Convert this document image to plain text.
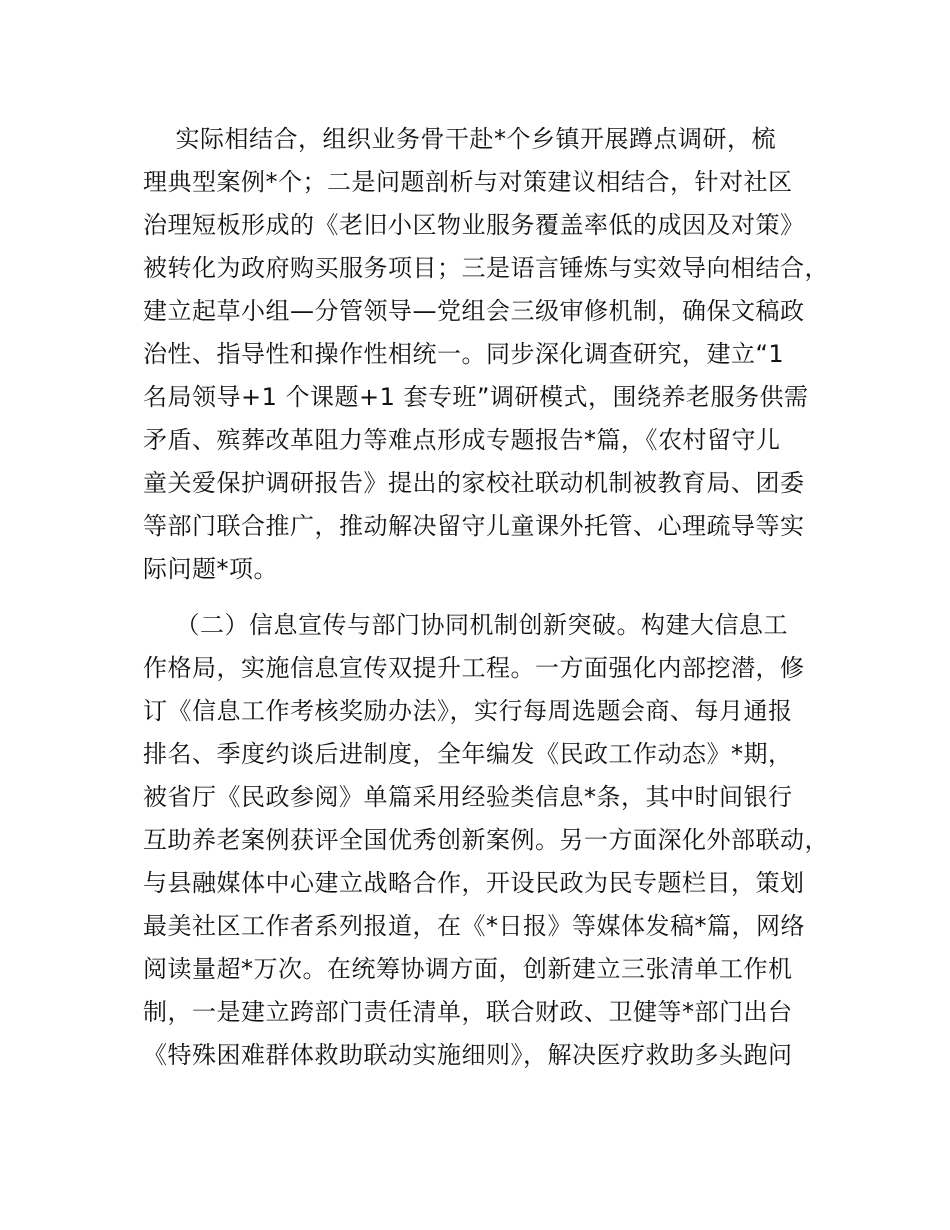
实际相结合，组织业务骨干赴*个乡镇开展蹲点调研，梳
理典型案例*个；二是问题剖析与对策建议相结合，针对社区
治理短板形成的《老旧小区物业服务覆盖率低的成因及对策》
被转化为政府购买服务项目；三是语言锤炼与实效导向相结合，
建立起草小组—分管领导—党组会三级审修机制，确保文稿政
治性、指导性和操作性相统一。同步深化调查研究，建立“1
名局领导+1 个课题+1 套专班”调研模式，围绕养老服务供需
矛盾、殡葬改革阻力等难点形成专题报告*篇，《农村留守儿
童关爱保护调研报告》提出的家校社联动机制被教育局、团委
等部门联合推广，推动解决留守儿童课外托管、心理疏导等实
际问题*项。
（二）信息宣传与部门协同机制创新突破。构建大信息工
作格局，实施信息宣传双提升工程。一方面强化内部挖潜，修
订《信息工作考核奖励办法》，实行每周选题会商、每月通报
排名、季度约谈后进制度，全年编发《民政工作动态》*期，
被省厅《民政参阅》单篇采用经验类信息*条，其中时间银行
互助养老案例获评全国优秀创新案例。另一方面深化外部联动，
与县融媒体中心建立战略合作，开设民政为民专题栏目，策划
最美社区工作者系列报道，在《*日报》等媒体发稿*篇，网络
阅读量超*万次。在统筹协调方面，创新建立三张清单工作机
制，一是建立跨部门责任清单，联合财政、卫健等*部门出台
《特殊困难群体救助联动实施细则》，解决医疗救助多头跑问
